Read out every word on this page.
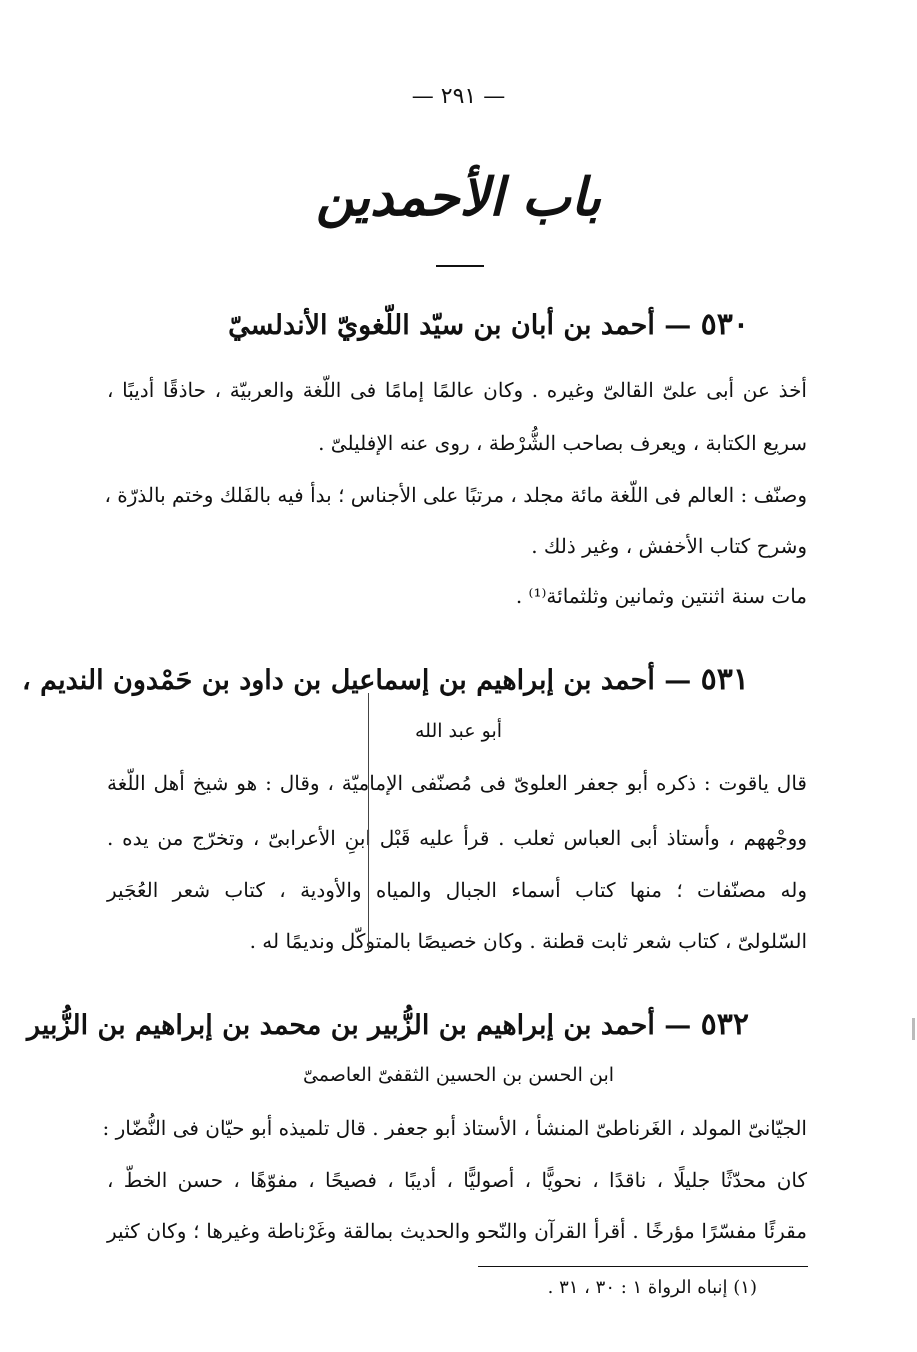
— ٢٩١ —
باب الأحمدين
٥٣٠ — أحمد بن أبان بن سيّد اللّغويّ الأندلسيّ
أخذ عن أبى علىّ القالىّ وغيره . وكان عالمًا إمامًا فى اللّغة والعربيّة ، حاذقًا أديبًا ،
سريع الكتابة ، ويعرف بصاحب الشُّرْطة ، روى عنه الإفليلىّ .
وصنّف : العالم فى اللّغة مائة مجلد ، مرتبًا على الأجناس ؛ بدأ فيه بالفَلك وختم بالذرّة ،
وشرح كتاب الأخفش ، وغير ذلك .
مات سنة اثنتين وثمانين وثلثمائة⁽¹⁾ .
٥٣١ — أحمد بن إبراهيم بن إسماعيل بن داود بن حَمْدون النديم ،
أبو عبد الله
قال ياقوت : ذكره أبو جعفر العلوىّ فى مُصنّفى الإماميّة ، وقال : هو شيخ أهل اللّغة
ووجْههم ، وأستاذ أبى العباس ثعلب . قرأ عليه قَبْل ابنِ الأعرابىّ ، وتخرّج من يده .
وله مصنّفات ؛ منها كتاب أسماء الجبال والمياه والأودية ، كتاب شعر العُجَير
السّلولىّ ، كتاب شعر ثابت قطنة . وكان خصيصًا بالمتوكّل ونديمًا له .
٥٣٢ — أحمد بن إبراهيم بن الزُّبير بن محمد بن إبراهيم بن الزُّبير
ابن الحسن بن الحسين الثقفىّ العاصمىّ
الجيّانىّ المولد ، الغَرناطىّ المنشأ ، الأستاذ أبو جعفر . قال تلميذه أبو حيّان فى النُّضّار :
كان محدّثًا جليلًا ، ناقدًا ، نحويًّا ، أصوليًّا ، أديبًا ، فصيحًا ، مفوّهًا ، حسن الخطّ ،
مقرئًا مفسّرًا مؤرخًا . أقرأ القرآن والنّحو والحديث بمالقة وغَرْناطة وغيرها ؛ وكان كثير
(١) إنباه الرواة ١ : ٣٠ ، ٣١ .
